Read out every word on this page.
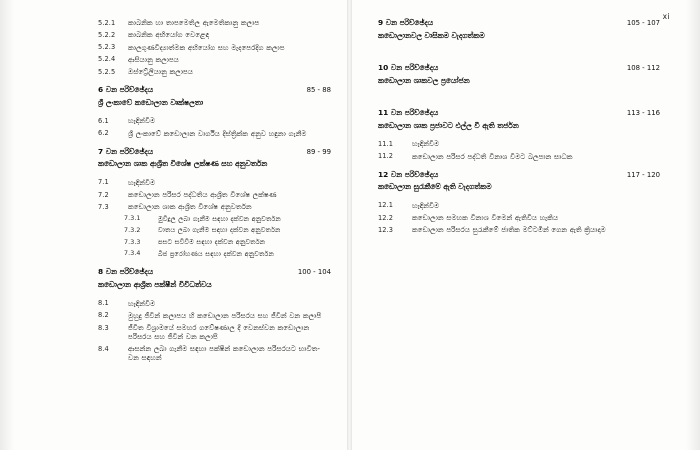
xi
5.2.1	කාබනික හා තාපමෙතිල ඇමෙතිකානු කලාප
5.2.2	කාබනික අභියෝග වෙළෙඳ
5.2.3	කාලගුණවිද්‍යාත්මක අභියෝග සහ මැදපෙරදිග කලාප
5.2.4	ආසියානු කලාපය
5.2.5	ඔස්ට්‍රේලියානු කලාපය
6 වන පරිච්ඡේදය	85 - 88
ශ්‍රී ලංකාවේ කඩොලාන වෘක්ෂලතා
6.1	හැඳින්වීම
6.2	ශ්‍රී ලංකාවේ කඩොලාන වාර්ගිය දිස්ත්‍රික්ක අනුව හඳුනා ගැනීම
7 වන පරිච්ඡේදය	89 - 99
කඩොලාන ශාක ආශ්‍රිත විශේෂ ලක්ෂණ සහ අනුවර්තන
7.1	හැඳින්වීම
7.2	කඩොලාන පරිසර පද්ධතිය ආශ්‍රිත විශේෂ ලක්ෂණ
7.3	කඩොලාන ශාක ආශ්‍රිත විශේෂ අනුවර්තන
7.3.1	මුවිදූල ලබා ගැනීම සඳහා දක්වන අනුවර්තන
7.3.2	වාතය ලබා ගැනීම සඳහා දක්වන අනුවර්තන
7.3.3	පසට සවිවීම සඳහා දක්වන අනුවර්තන
7.3.4	බීජ ප්‍රරෝහණය සඳහා දක්වන අනුවර්තන
8 වන පරිච්ඡේදය	100 - 104
කඩොලාන ආශ්‍රිත පක්ෂීන් විවිධත්වය
8.1	හැඳින්වීම
8.2	මුහුදු ජීවීන් කලාපය හි කඩොලාන පරිසරය සහ ජීවීන් වන කලාපී
8.3	ජීවිත විශ්‍රාමයේ සමහර ගවේෂණාල දී වෙනස්වන කඩොලාන පරිසරය සහ ජීවීන් වන කලාපී
8.4	ආසන්න ලබා ගැනීම සඳහා පක්ෂීන් කඩොලාන පරිසරයට භාවිත-වන සඳහන්
9 වන පරිච්ඡේදය	105 - 107
කඩොලානවල වාසිකම වැදගත්කම
10 වන පරිච්ඡේදය	108 - 112
කඩොලාන ශාකවල ප්‍රයෝජන
11 වන පරිච්ඡේදය	113 - 116
කඩොලාන ශාක ප්‍රජාවට එල්ල වී ඇති තර්ජන
11.1	හැඳින්වීම
11.2	කඩොලාන පරිසර පද්ධති විනාශ වීමට බලපාන සාධක
12 වන පරිච්ඡේදය	117 - 120
කඩොලාන සුරැකීමේ ඇති වැදගත්කම
12.1	හැඳින්වීම
12.2	කඩොලාන සමහක විනාශ වීමෙන් ඇතිවිය හැකිය
12.3	කඩොලාන පරිසරය සුරැකීමේ ජාතික මට්ටමින් ගෙන ඇති ක්‍රියාදාම
